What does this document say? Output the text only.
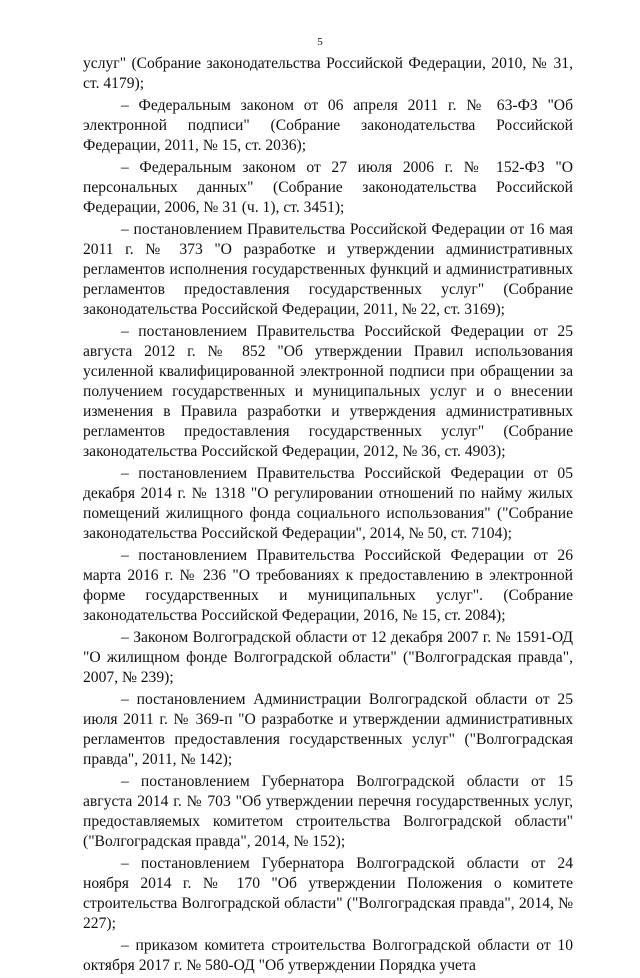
5

услуг" (Собрание законодательства Российской Федерации, 2010, № 31, ст. 4179);

– Федеральным законом от 06 апреля 2011 г. № 63-ФЗ "Об электронной подписи" (Собрание законодательства Российской Федерации, 2011, № 15, ст. 2036);

– Федеральным законом от 27 июля 2006 г. № 152-ФЗ "О персональных данных" (Собрание законодательства Российской Федерации, 2006, № 31 (ч. 1), ст. 3451);

– постановлением Правительства Российской Федерации от 16 мая 2011 г. № 373 "О разработке и утверждении административных регламентов исполнения государственных функций и административных регламентов предоставления государственных услуг" (Собрание законодательства Российской Федерации, 2011, № 22, ст. 3169);

– постановлением Правительства Российской Федерации от 25 августа 2012 г. № 852 "Об утверждении Правил использования усиленной квалифицированной электронной подписи при обращении за получением государственных и муниципальных услуг и о внесении изменения в Правила разработки и утверждения административных регламентов предоставления государственных услуг" (Собрание законодательства Российской Федерации, 2012, № 36, ст. 4903);

– постановлением Правительства Российской Федерации от 05 декабря 2014 г. № 1318 "О регулировании отношений по найму жилых помещений жилищного фонда социального использования" ("Собрание законодательства Российской Федерации", 2014, № 50, ст. 7104);

– постановлением Правительства Российской Федерации от 26 марта 2016 г. № 236 "О требованиях к предоставлению в электронной форме государственных и муниципальных услуг". (Собрание законодательства Российской Федерации, 2016, № 15, ст. 2084);

– Законом Волгоградской области от 12 декабря 2007 г. № 1591-ОД "О жилищном фонде Волгоградской области" ("Волгоградская правда", 2007, № 239);

– постановлением Администрации Волгоградской области от 25 июля 2011 г. № 369-п "О разработке и утверждении административных регламентов предоставления государственных услуг" ("Волгоградская правда", 2011, № 142);

– постановлением Губернатора Волгоградской области от 15 августа 2014 г. № 703 "Об утверждении перечня государственных услуг, предоставляемых комитетом строительства Волгоградской области" ("Волгоградская правда", 2014, № 152);

– постановлением Губернатора Волгоградской области от 24 ноября 2014 г. № 170 "Об утверждении Положения о комитете строительства Волгоградской области" ("Волгоградская правда", 2014, № 227);

– приказом комитета строительства Волгоградской области от 10 октября 2017 г. № 580-ОД "Об утверждении Порядка учета
